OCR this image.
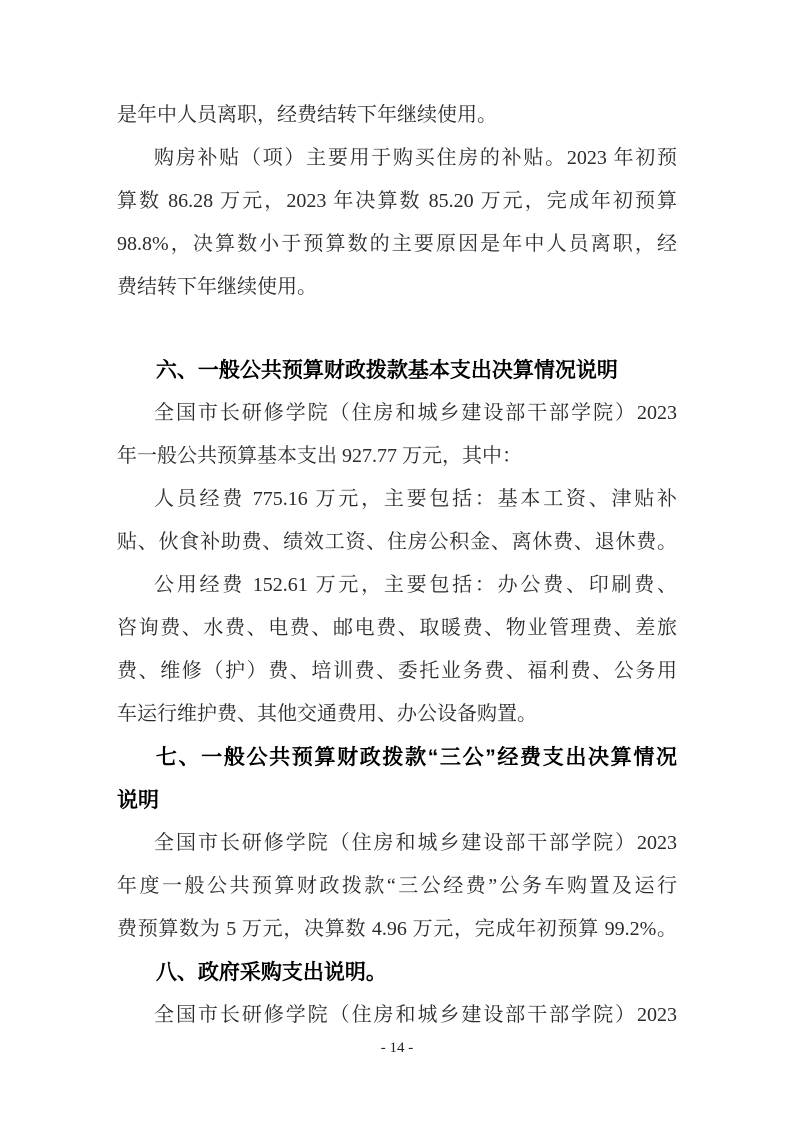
是年中人员离职，经费结转下年继续使用。

购房补贴（项）主要用于购买住房的补贴。2023 年初预

算数 86.28 万元，2023 年决算数 85.20 万元，完成年初预算

98.8%，决算数小于预算数的主要原因是年中人员离职，经

费结转下年继续使用。

六、一般公共预算财政拨款基本支出决算情况说明

全国市长研修学院（住房和城乡建设部干部学院）2023

年一般公共预算基本支出 927.77 万元，其中：

人员经费 775.16 万元，主要包括：基本工资、津贴补

贴、伙食补助费、绩效工资、住房公积金、离休费、退休费。

公用经费 152.61 万元，主要包括：办公费、印刷费、

咨询费、水费、电费、邮电费、取暖费、物业管理费、差旅

费、维修（护）费、培训费、委托业务费、福利费、公务用

车运行维护费、其他交通费用、办公设备购置。

七、一般公共预算财政拨款“三公”经费支出决算情况

说明

全国市长研修学院（住房和城乡建设部干部学院）2023

年度一般公共预算财政拨款“三公经费”公务车购置及运行

费预算数为 5 万元，决算数 4.96 万元，完成年初预算 99.2%。

八、政府采购支出说明。

全国市长研修学院（住房和城乡建设部干部学院）2023

- 14 -
